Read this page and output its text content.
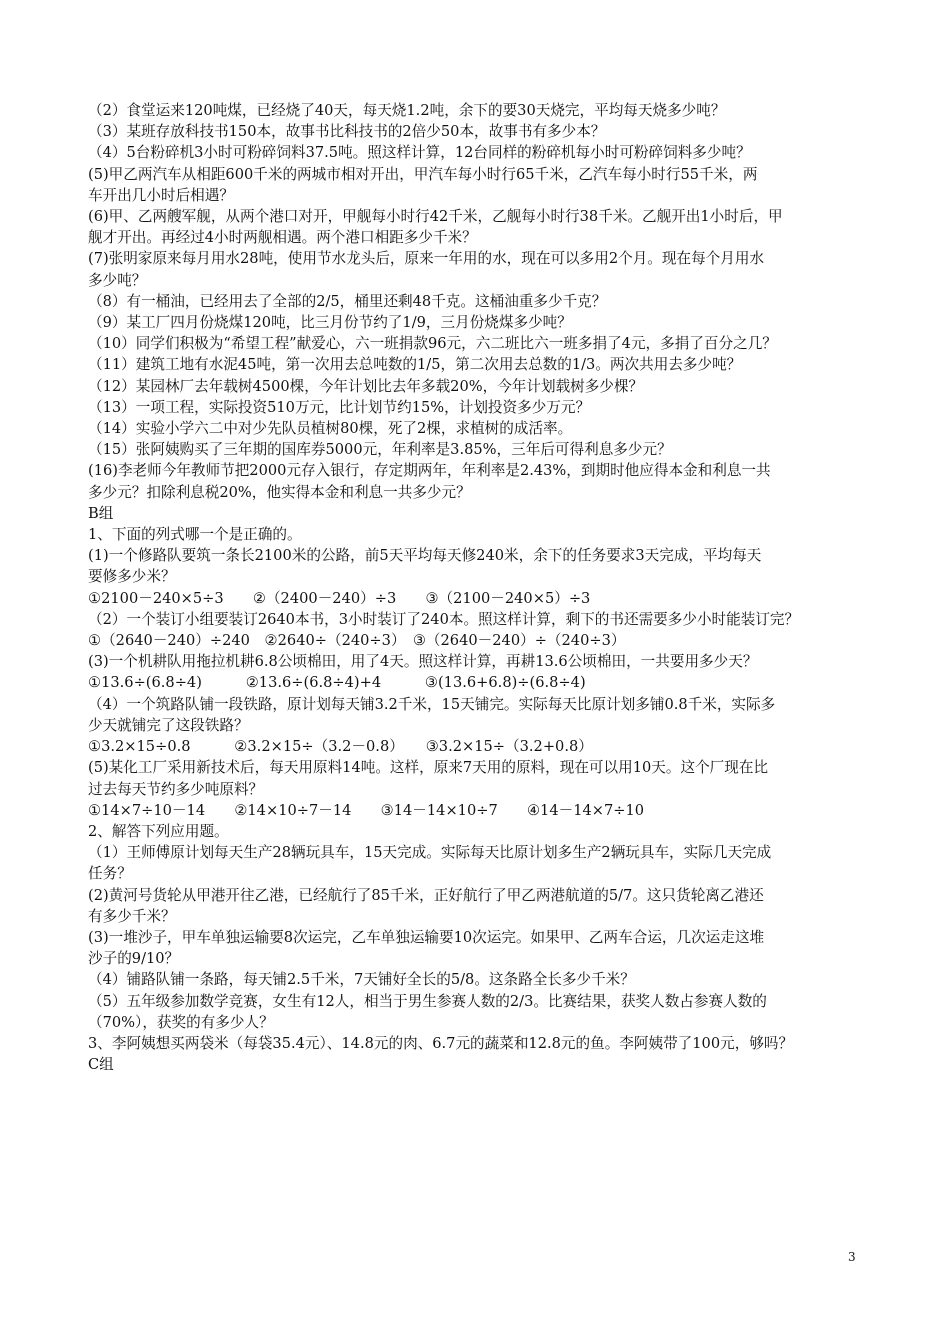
（2）食堂运来120吨煤，已经烧了40天，每天烧1.2吨，余下的要30天烧完，平均每天烧多少吨？

（3）某班存放科技书150本，故事书比科技书的2倍少50本，故事书有多少本？

（4）5台粉碎机3小时可粉碎饲料37.5吨。照这样计算，12台同样的粉碎机每小时可粉碎饲料多少吨？

(5)甲乙两汽车从相距600千米的两城市相对开出，甲汽车每小时行65千米，乙汽车每小时行55千米，两

车开出几小时后相遇？

(6)甲、乙两艘军舰，从两个港口对开，甲舰每小时行42千米，乙舰每小时行38千米。乙舰开出1小时后，甲

舰才开出。再经过4小时两舰相遇。两个港口相距多少千米？

(7)张明家原来每月用水28吨，使用节水龙头后，原来一年用的水，现在可以多用2个月。现在每个月用水

多少吨？

（8）有一桶油，已经用去了全部的2/5，桶里还剩48千克。这桶油重多少千克？

（9）某工厂四月份烧煤120吨，比三月份节约了1/9，三月份烧煤多少吨？

（10）同学们积极为“希望工程”献爱心，六一班捐款96元，六二班比六一班多捐了4元，多捐了百分之几？

（11）建筑工地有水泥45吨，第一次用去总吨数的1/5，第二次用去总数的1/3。两次共用去多少吨？

（12）某园林厂去年载树4500棵，今年计划比去年多载20%，今年计划载树多少棵？

（13）一项工程，实际投资510万元，比计划节约15%，计划投资多少万元？

（14）实验小学六二中对少先队员植树80棵，死了2棵，求植树的成活率。

（15）张阿姨购买了三年期的国库券5000元，年利率是3.85%，三年后可得利息多少元？

(16)李老师今年教师节把2000元存入银行，存定期两年，年利率是2.43%，到期时他应得本金和利息一共

多少元？扣除利息税20%，他实得本金和利息一共多少元？

B组

1、下面的列式哪一个是正确的。

(1)一个修路队要筑一条长2100米的公路，前5天平均每天修240米，余下的任务要求3天完成，平均每天

要修多少米？

①2100－240×5÷3　　②（2400－240）÷3　　③（2100－240×5）÷3

（2）一个装订小组要装订2640本书，3小时装订了240本。照这样计算，剩下的书还需要多少小时能装订完？

①（2640－240）÷240　②2640÷（240÷3）　③（2640－240）÷（240÷3）

(3)一个机耕队用拖拉机耕6.8公顷棉田，用了4天。照这样计算，再耕13.6公顷棉田，一共要用多少天？

①13.6÷(6.8÷4)　　　②13.6÷(6.8÷4)+4　　　③(13.6+6.8)÷(6.8÷4)

（4）一个筑路队铺一段铁路，原计划每天铺3.2千米，15天铺完。实际每天比原计划多铺0.8千米，实际多

少天就铺完了这段铁路？

①3.2×15÷0.8　　　②3.2×15÷（3.2－0.8）　　③3.2×15÷（3.2+0.8）

(5)某化工厂采用新技术后，每天用原料14吨。这样，原来7天用的原料，现在可以用10天。这个厂现在比

过去每天节约多少吨原料？

①14×7÷10－14　　②14×10÷7－14　　③14－14×10÷7　　④14－14×7÷10

2、解答下列应用题。

（1）王师傅原计划每天生产28辆玩具车，15天完成。实际每天比原计划多生产2辆玩具车，实际几天完成

任务？

(2)黄河号货轮从甲港开往乙港，已经航行了85千米，正好航行了甲乙两港航道的5/7。这只货轮离乙港还

有多少千米？

(3)一堆沙子，甲车单独运输要8次运完，乙车单独运输要10次运完。如果甲、乙两车合运，几次运走这堆

沙子的9/10？

（4）铺路队铺一条路，每天铺2.5千米，7天铺好全长的5/8。这条路全长多少千米？

（5）五年级参加数学竞赛，女生有12人，相当于男生参赛人数的2/3。比赛结果，获奖人数占参赛人数的

（70%），获奖的有多少人？

3、李阿姨想买两袋米（每袋35.4元）、14.8元的肉、6.7元的蔬菜和12.8元的鱼。李阿姨带了100元，够吗？

C组

3
